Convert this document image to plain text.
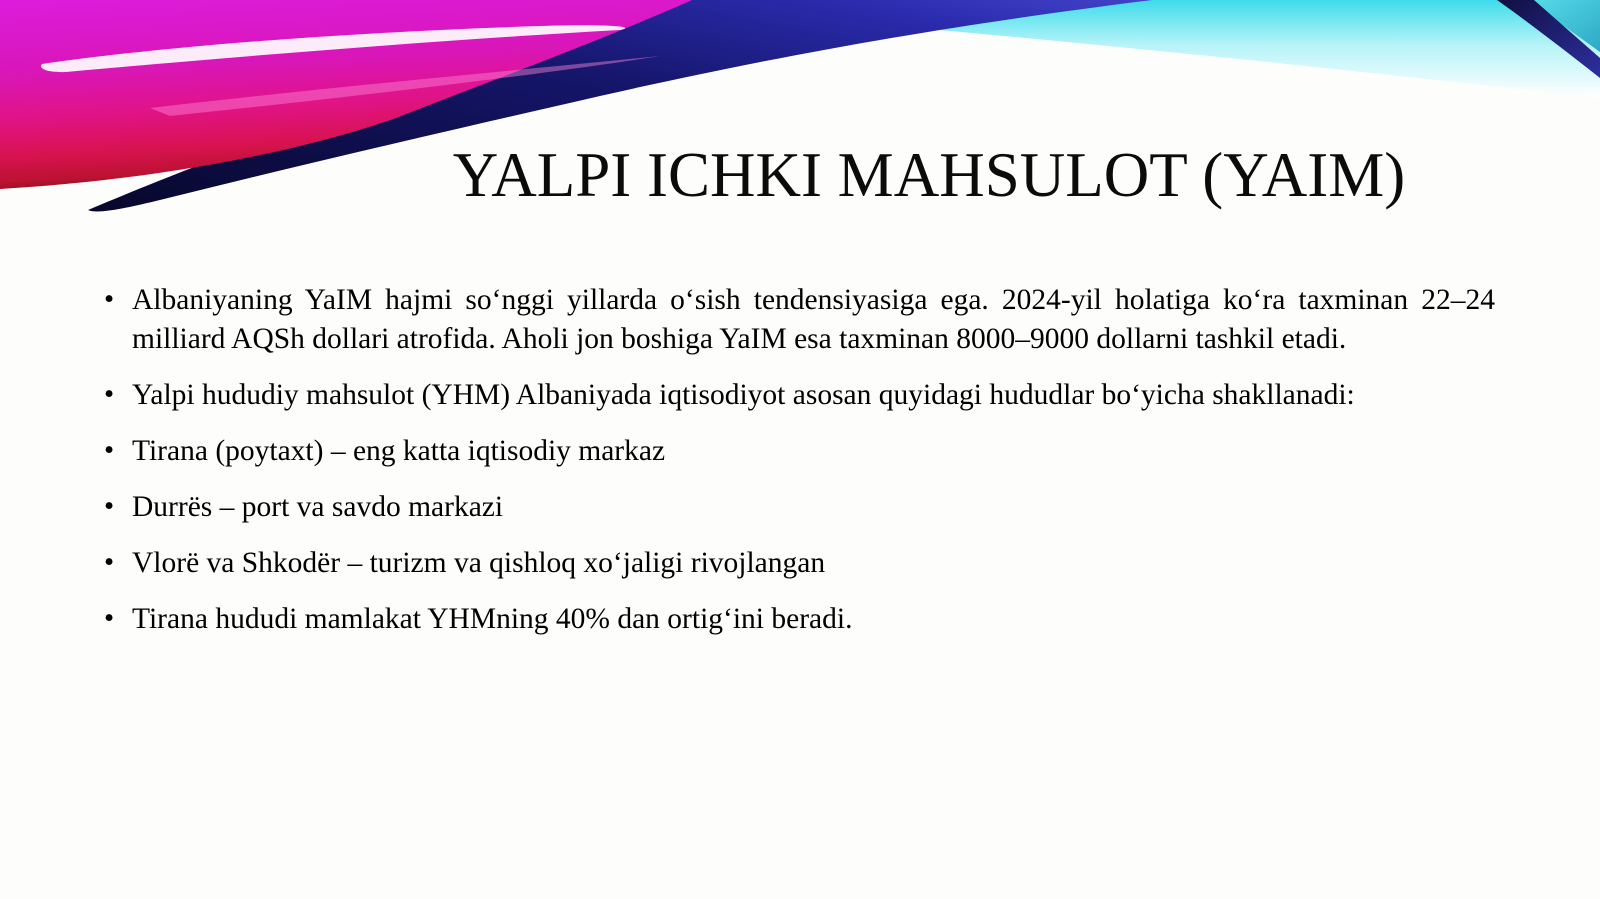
YALPI ICHKI MAHSULOT (YAIM)
• Albaniyaning YaIM hajmi so‘nggi yillarda o‘sish tendensiyasiga ega. 2024-yil holatiga ko‘ra taxminan 22–24 milliard AQSh dollari atrofida. Aholi jon boshiga YaIM esa taxminan 8000–9000 dollarni tashkil etadi.
• Yalpi hududiy mahsulot (YHM) Albaniyada iqtisodiyot asosan quyidagi hududlar bo‘yicha shakllanadi:
• Tirana (poytaxt) – eng katta iqtisodiy markaz
• Durrës – port va savdo markazi
• Vlorë va Shkodër – turizm va qishloq xo‘jaligi rivojlangan
• Tirana hududi mamlakat YHMning 40% dan ortig‘ini beradi.
